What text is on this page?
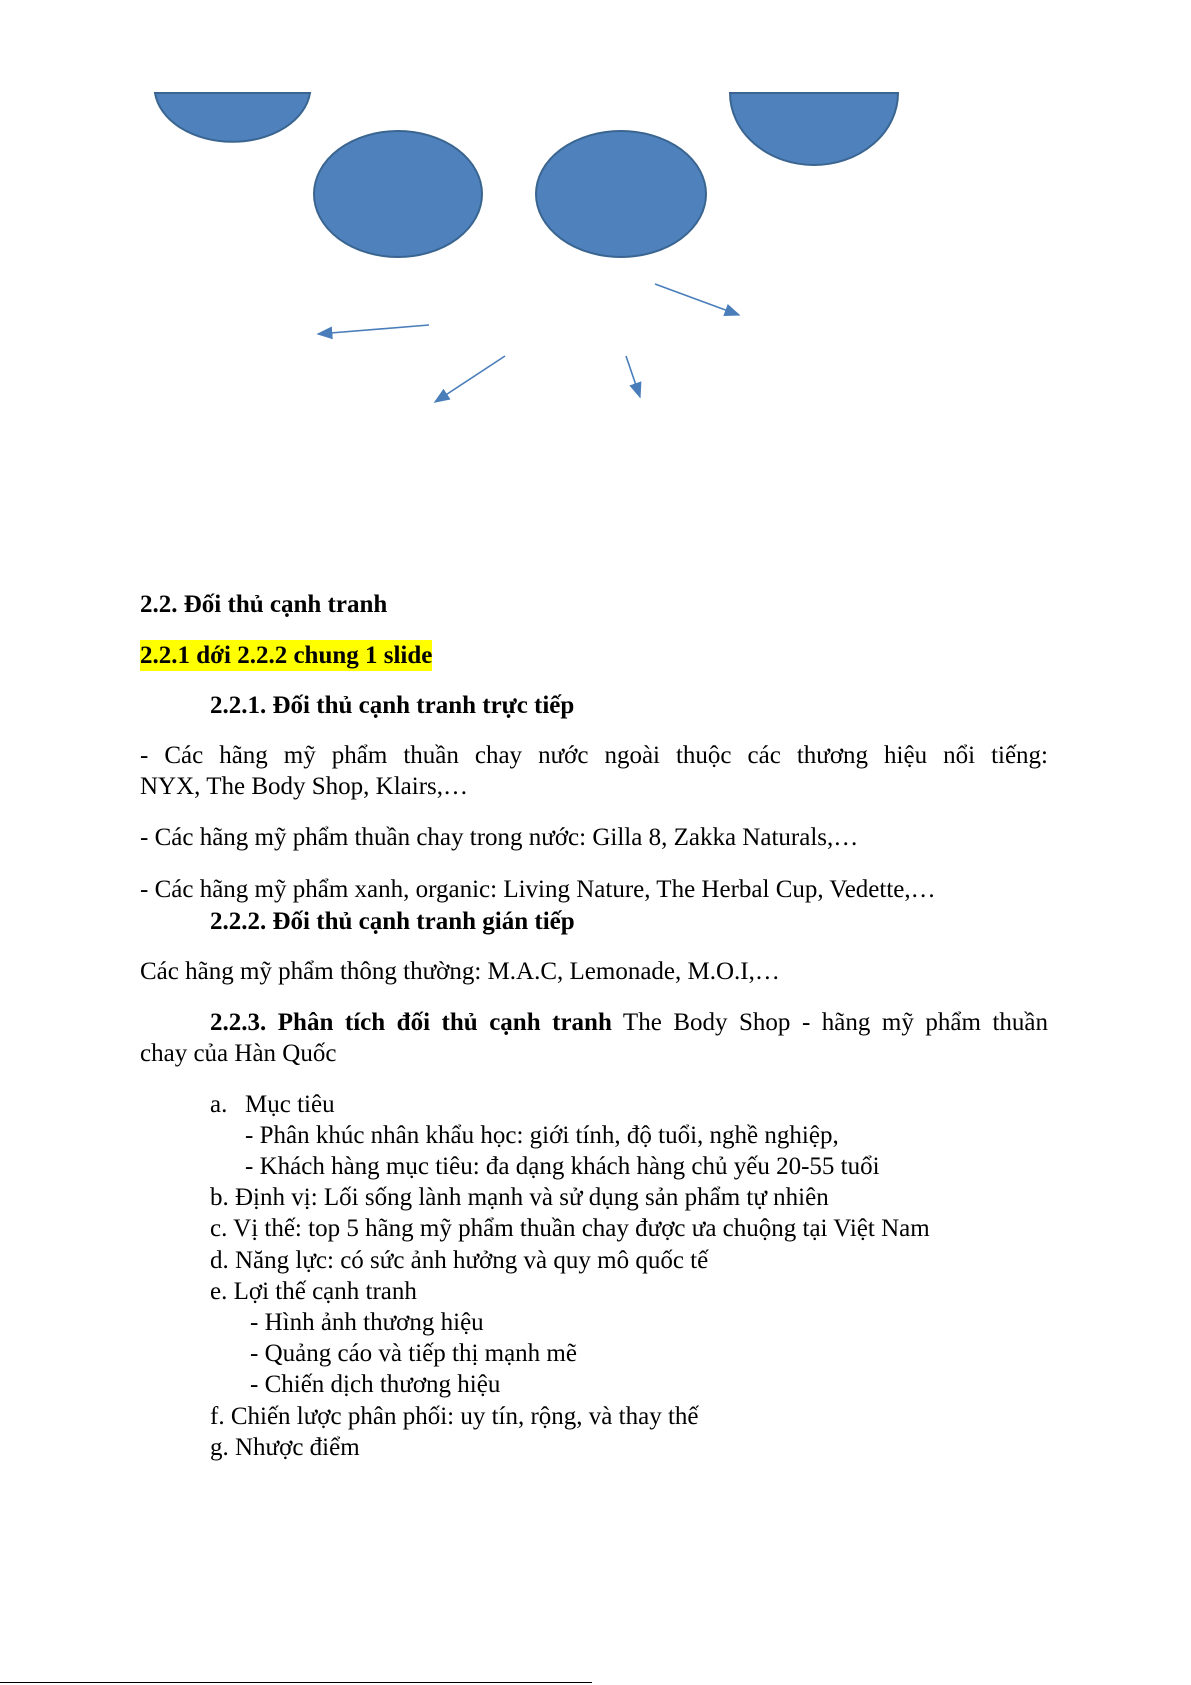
2.2. Đối thủ cạnh tranh
2.2.1 dới 2.2.2 chung 1 slide
2.2.1. Đối thủ cạnh tranh trực tiếp
- Các hãng mỹ phẩm thuần chay nước ngoài thuộc các thương hiệu nổi tiếng:
NYX, The Body Shop, Klairs,…
- Các hãng mỹ phẩm thuần chay trong nước: Gilla 8, Zakka Naturals,…
- Các hãng mỹ phẩm xanh, organic: Living Nature, The Herbal Cup, Vedette,…
2.2.2. Đối thủ cạnh tranh gián tiếp
Các hãng mỹ phẩm thông thường: M.A.C, Lemonade, M.O.I,…
2.2.3. Phân tích đối thủ cạnh tranh The Body Shop - hãng mỹ phẩm thuần
chay của Hàn Quốc
a. Mục tiêu
- Phân khúc nhân khẩu học: giới tính, độ tuổi, nghề nghiệp,
- Khách hàng mục tiêu: đa dạng khách hàng chủ yếu 20-55 tuổi
b. Định vị: Lối sống lành mạnh và sử dụng sản phẩm tự nhiên
c. Vị thế: top 5 hãng mỹ phẩm thuần chay được ưa chuộng tại Việt Nam
d. Năng lực: có sức ảnh hưởng và quy mô quốc tế
e. Lợi thế cạnh tranh
- Hình ảnh thương hiệu
- Quảng cáo và tiếp thị mạnh mẽ
- Chiến dịch thương hiệu
f. Chiến lược phân phối: uy tín, rộng, và thay thế
g. Nhược điểm
